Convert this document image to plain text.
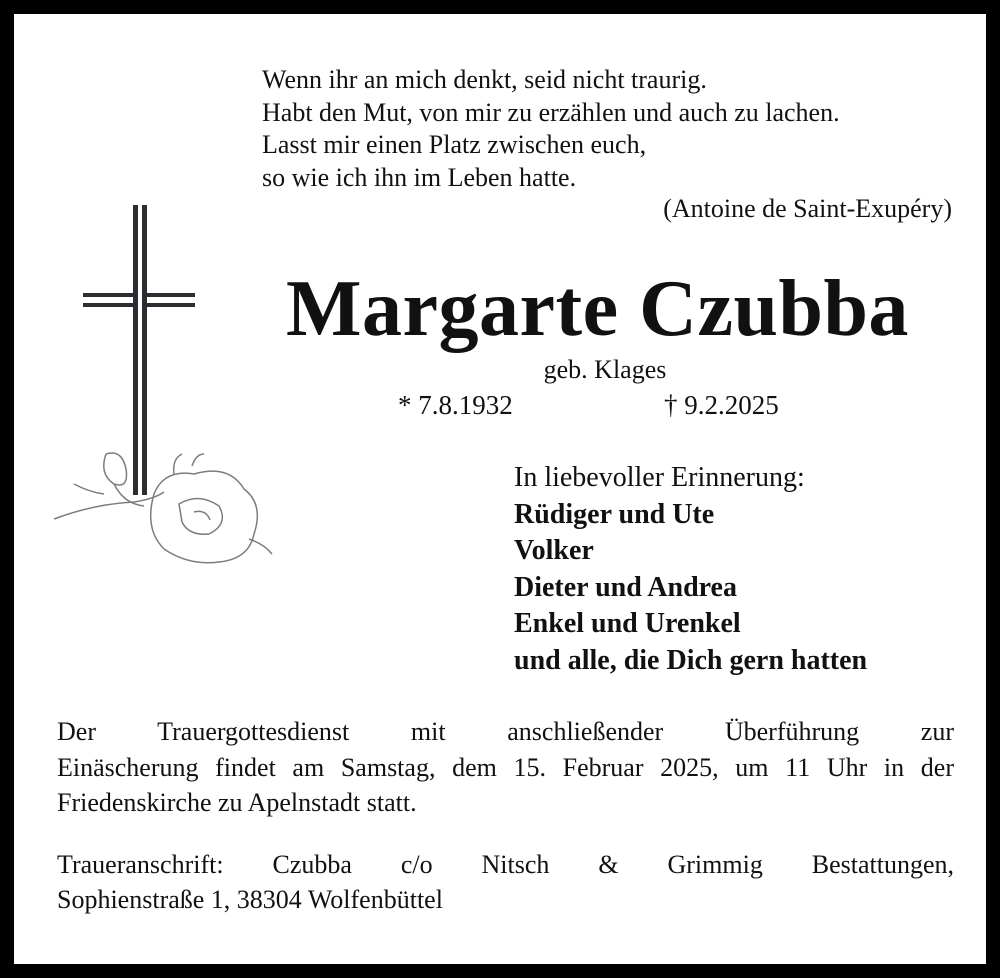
Wenn ihr an mich denkt, seid nicht traurig.
Habt den Mut, von mir zu erzählen und auch zu lachen.
Lasst mir einen Platz zwischen euch,
so wie ich ihn im Leben hatte.
(Antoine de Saint-Exupéry)
Margarte Czubba
geb. Klages
* 7.8.1932	† 9.2.2025
In liebevoller Erinnerung:
Rüdiger und Ute
Volker
Dieter und Andrea
Enkel und Urenkel
und alle, die Dich gern hatten
Der Trauergottesdienst mit anschließender Überführung zur
Einäscherung findet am Samstag, dem 15. Februar 2025, um 11 Uhr in der
Friedenskirche zu Apelnstadt statt.
Traueranschrift: Czubba c/o Nitsch & Grimmig Bestattungen,
Sophienstraße 1, 38304 Wolfenbüttel
